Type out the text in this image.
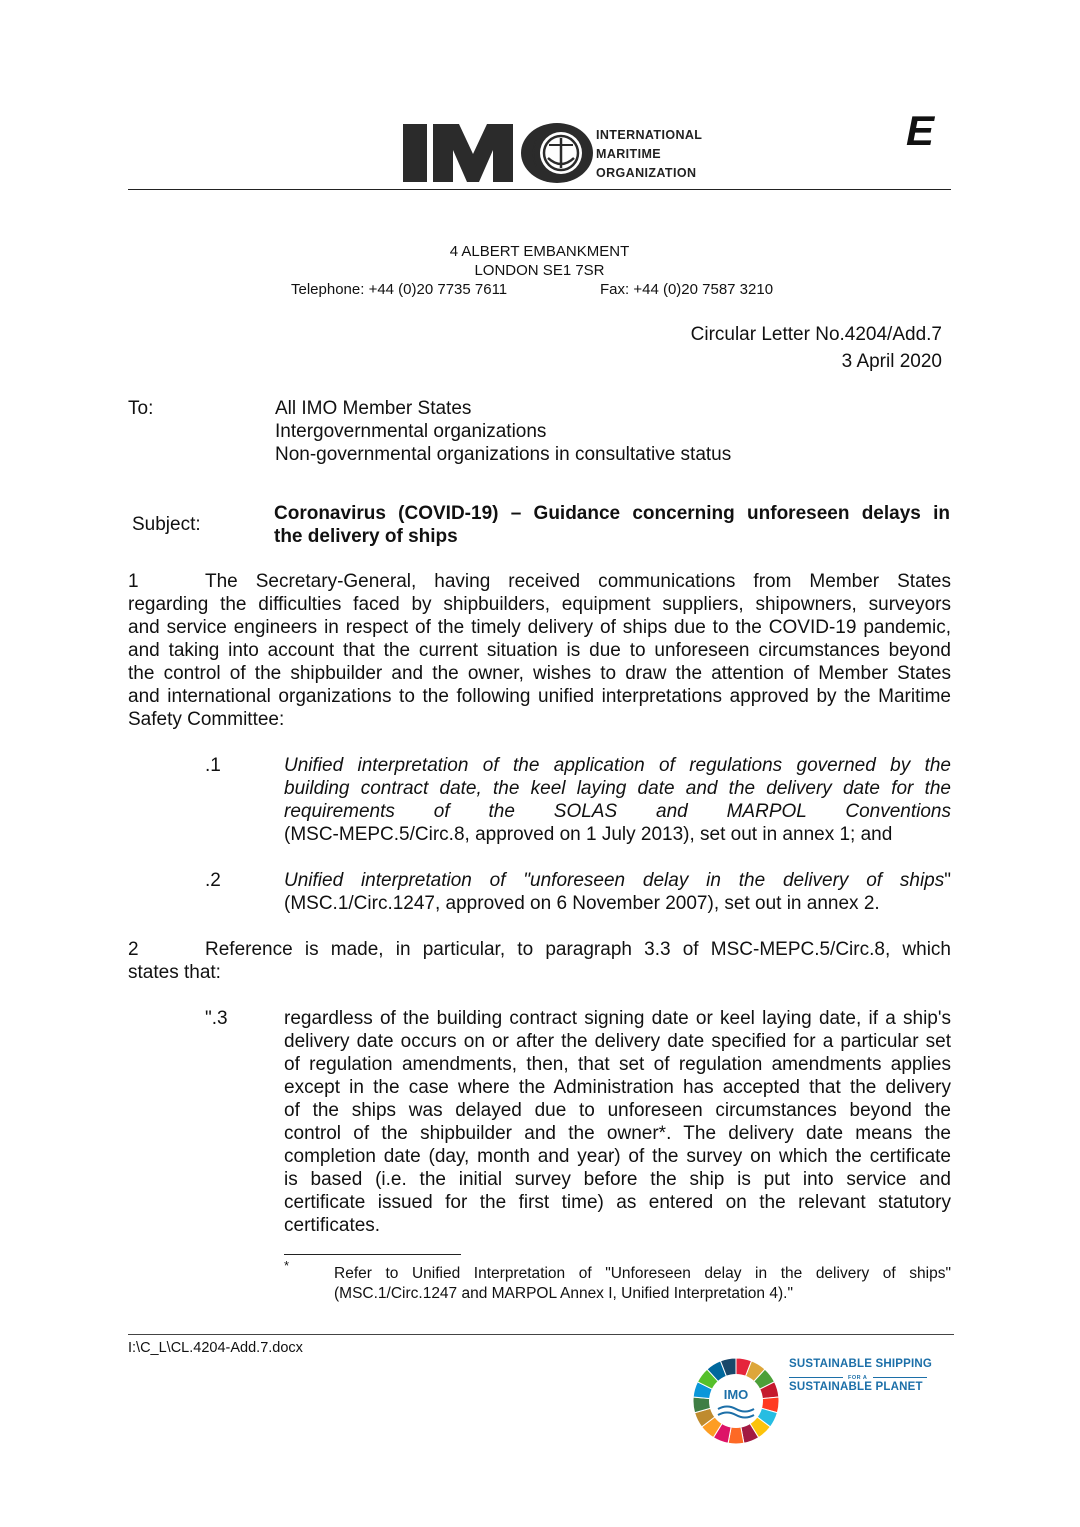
INTERNATIONAL
MARITIME
ORGANIZATION
E
4 ALBERT EMBANKMENT
LONDON SE1 7SR
Telephone: +44 (0)20 7735 7611	Fax: +44 (0)20 7587 3210
Circular Letter No.4204/Add.7
3 April 2020
To:	All IMO Member States
Intergovernmental organizations
Non-governmental organizations in consultative status
Subject:
Coronavirus (COVID-19) – Guidance concerning unforeseen delays in
the delivery of ships
1	The Secretary-General, having received communications from Member States
regarding the difficulties faced by shipbuilders, equipment suppliers, shipowners, surveyors
and service engineers in respect of the timely delivery of ships due to the COVID-19 pandemic,
and taking into account that the current situation is due to unforeseen circumstances beyond
the control of the shipbuilder and the owner, wishes to draw the attention of Member States
and international organizations to the following unified interpretations approved by the Maritime
Safety Committee:
.1	Unified interpretation of the application of regulations governed by the
building contract date, the keel laying date and the delivery date for the
requirements of the SOLAS and MARPOL Conventions
(MSC-MEPC.5/Circ.8, approved on 1 July 2013), set out in annex 1; and
.2	Unified interpretation of "unforeseen delay in the delivery of ships"
(MSC.1/Circ.1247, approved on 6 November 2007), set out in annex 2.
2	Reference is made, in particular, to paragraph 3.3 of MSC-MEPC.5/Circ.8, which
states that:
".3	regardless of the building contract signing date or keel laying date, if a ship's
delivery date occurs on or after the delivery date specified for a particular set
of regulation amendments, then, that set of regulation amendments applies
except in the case where the Administration has accepted that the delivery
of the ships was delayed due to unforeseen circumstances beyond the
control of the shipbuilder and the owner*. The delivery date means the
completion date (day, month and year) of the survey on which the certificate
is based (i.e. the initial survey before the ship is put into service and
certificate issued for the first time) as entered on the relevant statutory
certificates.
*	Refer to Unified Interpretation of "Unforeseen delay in the delivery of ships"
(MSC.1/Circ.1247 and MARPOL Annex I, Unified Interpretation 4)."
I:\C_L\CL.4204-Add.7.docx
IMO
SUSTAINABLE SHIPPING
FOR A
SUSTAINABLE PLANET
